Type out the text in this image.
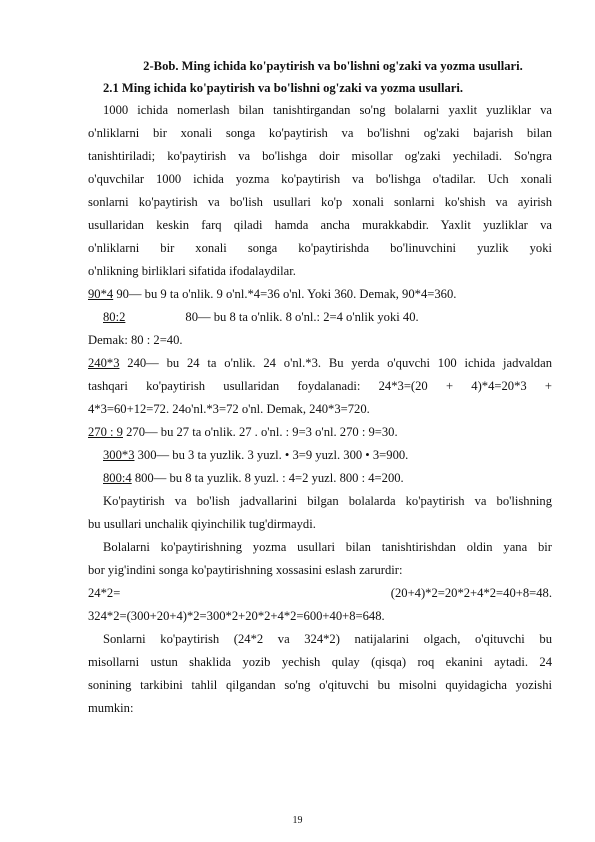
2-Bob. Ming ichida ko'paytirish va bo'lishni og'zaki va yozma usullari.
2.1 Ming ichida ko'paytirish va bo'lishni og'zaki va yozma usullari.
1000 ichida nomerlash bilan tanishtirgandan so'ng bolalarni yaxlit yuzliklar va
o'nliklarni bir xonali songa ko'paytirish va bo'lishni og'zaki bajarish bilan
tanishtiriladi; ko'paytirish va bo'lishga doir misollar og'zaki yechiladi. So'ngra
o'quvchilar 1000 ichida yozma ko'paytirish va bo'lishga o'tadilar. Uch xonali
sonlarni ko'paytirish va bo'lish usullari ko'p xonali sonlarni ko'shish va ayirish
usullaridan keskin farq qiladi hamda ancha murakkabdir. Yaxlit yuzliklar va
o'nliklarni bir xonali songa ko'paytirishda bo'linuvchini yuzlik yoki
o'nlikning birliklari sifatida ifodalaydilar.
90*4 90— bu 9 ta o'nlik. 9 o'nl.*4=36 o'nl. Yoki 360. Demak, 90*4=360.
80:2	80— bu 8 ta o'nlik. 8 o'nl.: 2=4 o'nlik yoki 40.
Demak: 80 : 2=40.
240*3 240— bu 24 ta o'nlik. 24 o'nl.*3. Bu yerda o'quvchi 100 ichida jadvaldan
tashqari ko'paytirish usullaridan foydalanadi: 24*3=(20 + 4)*4=20*3 +
4*3=60+12=72. 24o'nl.*3=72 o'nl. Demak, 240*3=720.
270 : 9 270— bu 27 ta o'nlik. 27 . o'nl. : 9=3 o'nl. 270 : 9=30.
300*3 300— bu 3 ta yuzlik. 3 yuzl. • 3=9 yuzl. 300 • 3=900.
800:4 800— bu 8 ta yuzlik. 8 yuzl. : 4=2 yuzl. 800 : 4=200.
Ko'paytirish va bo'lish jadvallarini bilgan bolalarda ko'paytirish va bo'lishning
bu usullari unchalik qiyinchilik tug'dirmaydi.
Bolalarni ko'paytirishning yozma usullari bilan tanishtirishdan oldin yana bir
bor yig'indini songa ko'paytirishning xossasini eslash zarurdir:
24*2=	(20+4)*2=20*2+4*2=40+8=48.
324*2=(300+20+4)*2=300*2+20*2+4*2=600+40+8=648.
Sonlarni ko'paytirish (24*2 va 324*2) natijalarini olgach, o'qituvchi bu
misollarni ustun shaklida yozib yechish qulay (qisqa) roq ekanini aytadi. 24
sonining tarkibini tahlil qilgandan so'ng o'qituvchi bu misolni quyidagicha yozishi
mumkin:
19
